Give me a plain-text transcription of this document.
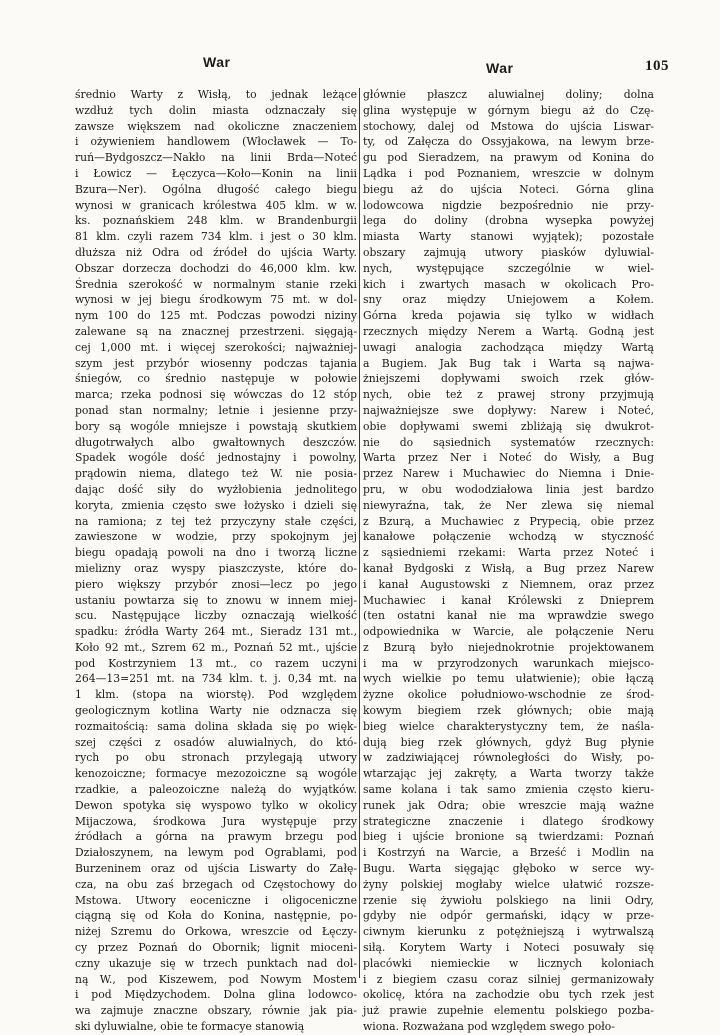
War	War	105
średnio Warty z Wisłą, to jednak leżące
wzdłuż tych dolin miasta odznaczały się
zawsze większem nad okoliczne znaczeniem
i ożywieniem handlowem (Włocławek — To-
ruń—Bydgoszcz—Nakło na linii Brda—Noteć
i Łowicz — Łęczyca—Koło—Konin na linii
Bzura—Ner). Ogólna długość całego biegu
wynosi w granicach królestwa 405 klm. w w.
ks. poznańskiem 248 klm. w Brandenburgii
81 klm. czyli razem 734 klm. i jest o 30 klm.
dłuższa niż Odra od źródeł do ujścia Warty.
Obszar dorzecza dochodzi do 46,000 klm. kw.
Średnia szerokość w normalnym stanie rzeki
wynosi w jej biegu środkowym 75 mt. w dol-
nym 100 do 125 mt. Podczas powodzi niziny
zalewane są na znacznej przestrzeni. sięgają-
cej 1,000 mt. i więcej szerokości; najważniej-
szym jest przybór wiosenny podczas tajania
śniegów, co średnio następuje w połowie
marca; rzeka podnosi się wówczas do 12 stóp
ponad stan normalny; letnie i jesienne przy-
bory są wogóle mniejsze i powstają skutkiem
długotrwałych albo gwałtownych deszczów.
Spadek wogóle dość jednostajny i powolny,
prądowin niema, dlatego też W. nie posia-
dając dość siły do wyżłobienia jednolitego
koryta, zmienia często swe łożysko i dzieli się
na ramiona; z tej też przyczyny stałe części,
zawieszone w wodzie, przy spokojnym jej
biegu opadają powoli na dno i tworzą liczne
mielizny oraz wyspy piaszczyste, które do-
piero większy przybór znosi—lecz po jego
ustaniu powtarza się to znowu w innem miej-
scu. Następujące liczby oznaczają wielkość
spadku: źródła Warty 264 mt., Sieradz 131 mt.,
Koło 92 mt., Szrem 62 m., Poznań 52 mt., ujście
pod Kostrzyniem 13 mt., co razem uczyni
264—13=251 mt. na 734 klm. t. j. 0,34 mt. na
1 klm. (stopa na wiorstę). Pod względem
geologicznym kotlina Warty nie odznacza się
rozmaitością: sama dolina składa się po więk-
szej części z osadów aluwialnych, do któ-
rych po obu stronach przylegają utwory
kenozoiczne; formacye mezozoiczne są wogóle
rzadkie, a paleozoiczne należą do wyjątków.
Dewon spotyka się wyspowo tylko w okolicy
Mijaczowa, środkowa Jura występuje przy
źródłach a górna na prawym brzegu pod
Działoszynem, na lewym pod Ograblami, pod
Burzeninem oraz od ujścia Liswarty do Załę-
cza, na obu zaś brzegach od Częstochowy do
Mstowa. Utwory eoceniczne i oligoceniczne
ciągną się od Koła do Konina, następnie, po-
niżej Szremu do Orkowa, wreszcie od Łęczy-
cy przez Poznań do Obornik; lignit mioceni-
czny ukazuje się w trzech punktach nad dol-
ną W., pod Kiszewem, pod Nowym Mostem
i pod Międzychodem. Dolna glina lodowco-
wa zajmuje znaczne obszary, równie jak pia-
ski dyluwialne, obie te formacye stanowią
głównie płaszcz aluwialnej doliny; dolna
glina występuje w górnym biegu aż do Czę-
stochowy, dalej od Mstowa do ujścia Liswar-
ty, od Załęcza do Ossyjakowa, na lewym brze-
gu pod Sieradzem, na prawym od Konina do
Lądka i pod Poznaniem, wreszcie w dolnym
biegu aż do ujścia Noteci. Górna glina
lodowcowa nigdzie bezpośrednio nie przy-
lega do doliny (drobna wysepka powyżej
miasta Warty stanowi wyjątek); pozostałe
obszary zajmują utwory piasków dyluwial-
nych, występujące szczególnie w wiel-
kich i zwartych masach w okolicach Pro-
sny oraz między Uniejowem a Kołem.
Górna kreda pojawia się tylko w widłach
rzecznych między Nerem a Wartą. Godną jest
uwagi analogia zachodząca między Wartą
a Bugiem. Jak Bug tak i Warta są najwa-
żniejszemi dopływami swoich rzek głów-
nych, obie też z prawej strony przyjmują
najważniejsze swe dopływy: Narew i Noteć,
obie dopływami swemi zbliżają się dwukrot-
nie do sąsiednich systematów rzecznych:
Warta przez Ner i Noteć do Wisły, a Bug
przez Narew i Muchawiec do Niemna i Dnie-
pru, w obu wododziałowa linia jest bardzo
niewyraźna, tak, że Ner zlewa się niemal
z Bzurą, a Muchawiec z Prypecią, obie przez
kanałowe połączenie wchodzą w styczność
z sąsiedniemi rzekami: Warta przez Noteć i
kanał Bydgoski z Wisłą, a Bug przez Narew
i kanał Augustowski z Niemnem, oraz przez
Muchawiec i kanał Królewski z Dnieprem
(ten ostatni kanał nie ma wprawdzie swego
odpowiednika w Warcie, ale połączenie Neru
z Bzurą było niejednokrotnie projektowanem
i ma w przyrodzonych warunkach miejsco-
wych wielkie po temu ułatwienie); obie łączą
żyzne okolice południowo-wschodnie ze środ-
kowym biegiem rzek głównych; obie mają
bieg wielce charakterystyczny tem, że naśla-
dują bieg rzek głównych, gdyż Bug płynie
w zadziwiającej równoległości do Wisły, po-
wtarzając jej zakręty, a Warta tworzy także
same kolana i tak samo zmienia często kieru-
runek jak Odra; obie wreszcie mają ważne
strategiczne znaczenie i dlatego środkowy
bieg i ujście bronione są twierdzami: Poznań
i Kostrzyń na Warcie, a Brześć i Modlin na
Bugu. Warta sięgając głęboko w serce wy-
żyny polskiej mogłaby wielce ułatwić rozsze-
rzenie się żywiołu polskiego na linii Odry,
gdyby nie odpór germański, idący w prze-
ciwnym kierunku z potężniejszą i wytrwalszą
siłą. Korytem Warty i Noteci posuwały się
placówki niemieckie w licznych koloniach
i z biegiem czasu coraz silniej germanizowały
okolicę, która na zachodzie obu tych rzek jest
już prawie zupełnie elementu polskiego pozba-
wiona. Rozważana pod względem swego poło-
